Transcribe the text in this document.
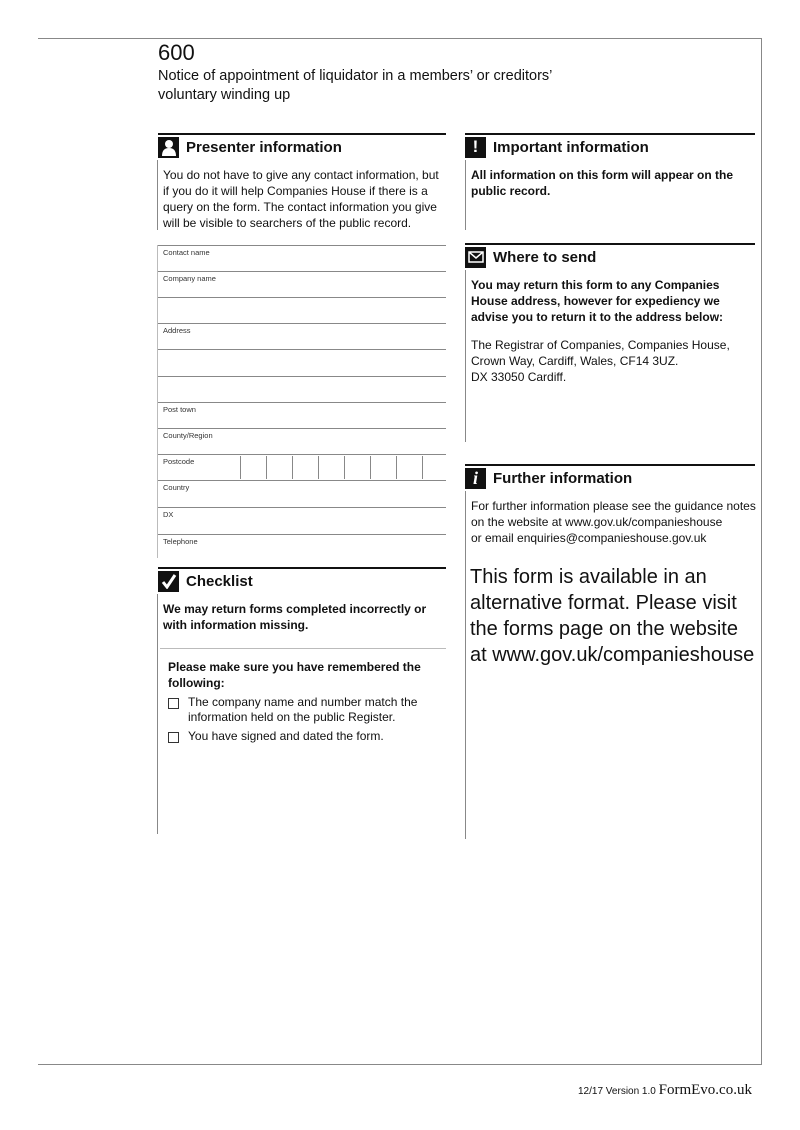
600
Notice of appointment of liquidator in a members’ or creditors’ voluntary winding up
Presenter information
You do not have to give any contact information, but if you do it will help Companies House if there is a query on the form. The contact information you give will be visible to searchers of the public record.
Contact name
Company name
Address
Post town
County/Region
Postcode
Country
DX
Telephone
Checklist
We may return forms completed incorrectly or with information missing.
Please make sure you have remembered the following:
The company name and number match the information held on the public Register.
You have signed and dated the form.
! Important information
All information on this form will appear on the public record.
Where to send
You may return this form to any Companies House address, however for expediency we advise you to return it to the address below:
The Registrar of Companies, Companies House,
Crown Way, Cardiff, Wales, CF14 3UZ.
DX 33050 Cardiff.
i	Further information
For further information please see the guidance notes
on the website at www.gov.uk/companieshouse
or email enquiries@companieshouse.gov.uk
This form is available in an alternative format. Please visit the forms page on the website at www.gov.uk/companieshouse
12/17 Version 1.0 FormEvo.co.uk
